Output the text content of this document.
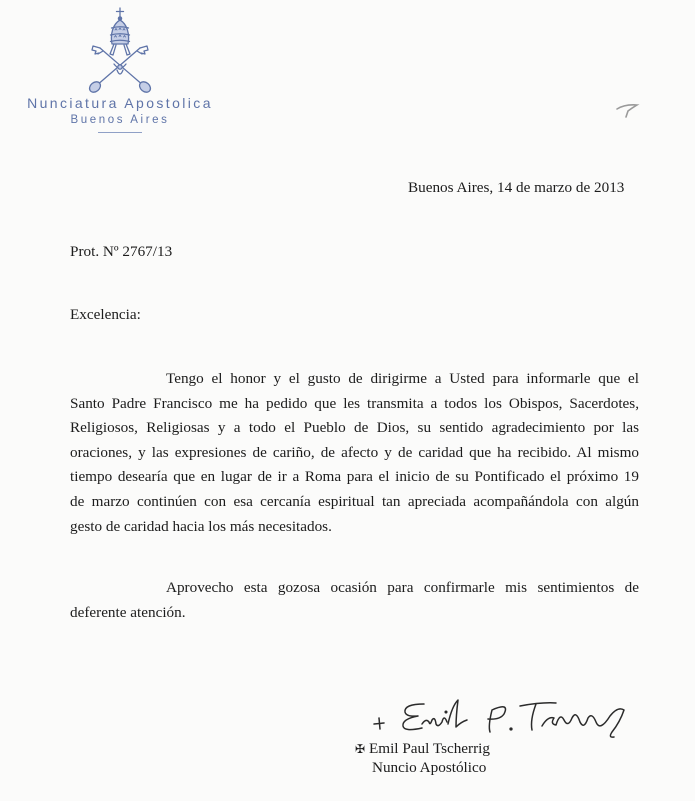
Nunciatura Apostolica
Buenos Aires
Buenos Aires, 14 de marzo de 2013
Prot. Nº 2767/13
Excelencia:
Tengo el honor y el gusto de dirigirme a Usted para informarle que el
Santo Padre Francisco me ha pedido que les transmita a todos los Obispos, Sacerdotes,
Religiosos, Religiosas y a todo el Pueblo de Dios, su sentido agradecimiento por las
oraciones, y las expresiones de cariño, de afecto y de caridad que ha recibido. Al mismo
tiempo desearía que en lugar de ir a Roma para el inicio de su Pontificado el próximo 19
de marzo continúen con esa cercanía espiritual tan apreciada acompañándola con algún
gesto de caridad hacia los más necesitados.
Aprovecho esta gozosa ocasión para confirmarle mis sentimientos de
deferente atención.
✠ Emil Paul Tscherrig
Nuncio Apostólico
